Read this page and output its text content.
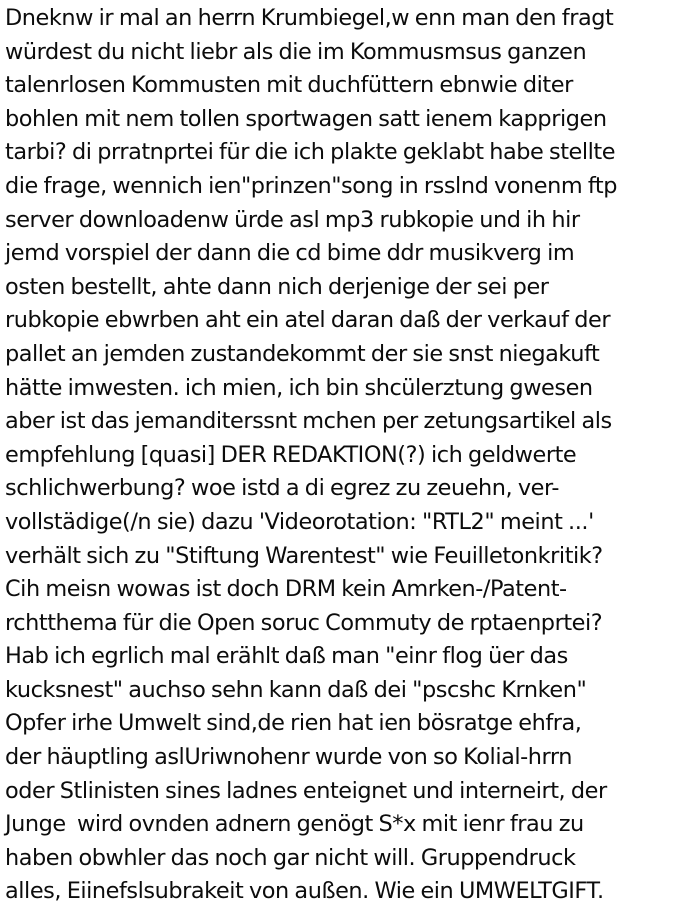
Dneknw ir mal an herrn Krumbiegel,w enn man den fragt
würdest du nicht liebr als die im Kommusmsus ganzen
talenrlosen Kommusten mit duchfüttern ebnwie diter
bohlen mit nem tollen sportwagen satt ienem kapprigen
tarbi? di prratnprtei für die ich plakte geklabt habe stellte
die frage, wennich ien"prinzen"song in rsslnd vonenm ftp
server downloadenw ürde asl mp3 rubkopie und ih hir
jemd vorspiel der dann die cd bime ddr musikverg im
osten bestellt, ahte dann nich derjenige der sei per
rubkopie ebwrben aht ein atel daran daß der verkauf der
pallet an jemden zustandekommt der sie snst niegakuft
hätte imwesten. ich mien, ich bin shcülerztung gwesen
aber ist das jemanditerssnt mchen per zetungsartikel als
empfehlung [quasi] DER REDAKTION(?) ich geldwerte
schlichwerbung? woe istd a di egrez zu zeuehn, ver-
vollstädige(/n sie) dazu 'Videorotation: "RTL2" meint ...'
verhält sich zu "Stiftung Warentest" wie Feuilletonkritik?
Cih meisn wowas ist doch DRM kein Amrken-/Patent-
rchtthema für die Open soruc Commuty de rptaenprtei?
Hab ich egrlich mal erählt daß man "einr flog üer das
kucksnest" auchso sehn kann daß dei "pscshc Krnken"
Opfer irhe Umwelt sind,de rien hat ien bösratge ehfra,
der häuptling aslUriwnohenr wurde von so Kolial-hrrn
oder Stlinisten sines ladnes enteignet und interneirt, der
Junge  wird ovnden adnern genögt S*x mit ienr frau zu
haben obwhler das noch gar nicht will. Gruppendruck
alles, Eiinefslsubrakeit von außen. Wie ein UMWELTGIFT.
